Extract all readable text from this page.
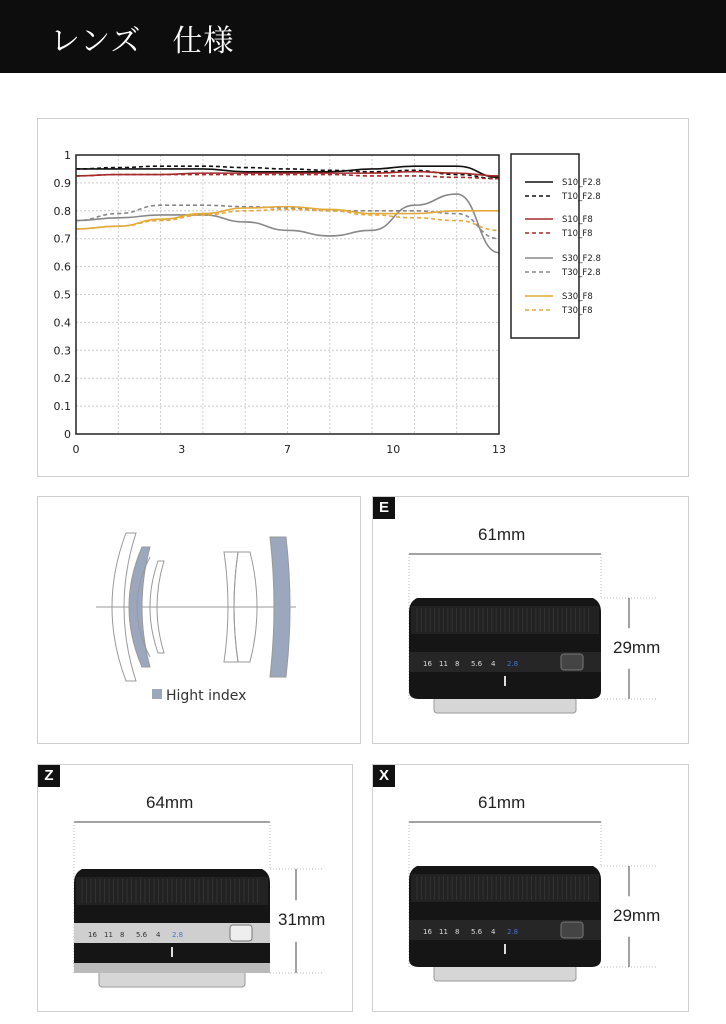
レンズ　仕様
0
0.1
0.2
0.3
0.4
0.5
0.6
0.7
0.8
0.9
1
0	3	7	10	13
S10_F2.8
T10_F2.8
S10_F8
T10_F8
S30_F2.8
T30_F2.8
S30_F8
T30_F8
Hight index
E
16 11 8 5.6 4 2.8
61mm
29mm
Z
16 11 8 5.6 4 2.8
64mm
31mm
X
16 11 8 5.6 4 2.8
61mm
29mm
